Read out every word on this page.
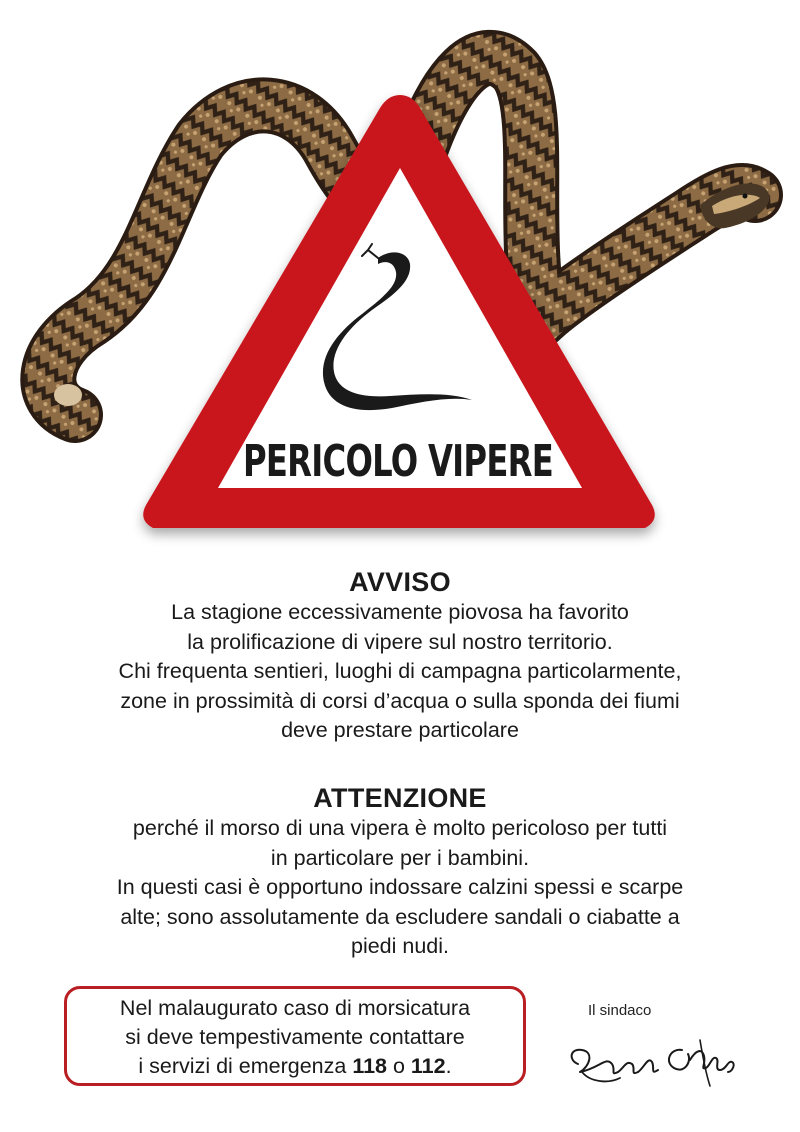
PERICOLO VIPERE
AVVISO
La stagione eccessivamente piovosa ha favorito
la prolificazione di vipere sul nostro territorio.
Chi frequenta sentieri, luoghi di campagna particolarmente,
zone in prossimità di corsi d’acqua o sulla sponda dei fiumi
deve prestare particolare
ATTENZIONE
perché il morso di una vipera è molto pericoloso per tutti
in particolare per i bambini.
In questi casi è opportuno indossare calzini spessi e scarpe
alte; sono assolutamente da escludere sandali o ciabatte a
piedi nudi.
Nel malaugurato caso di morsicatura
si deve tempestivamente contattare
i servizi di emergenza 118 o 112.
Il sindaco
